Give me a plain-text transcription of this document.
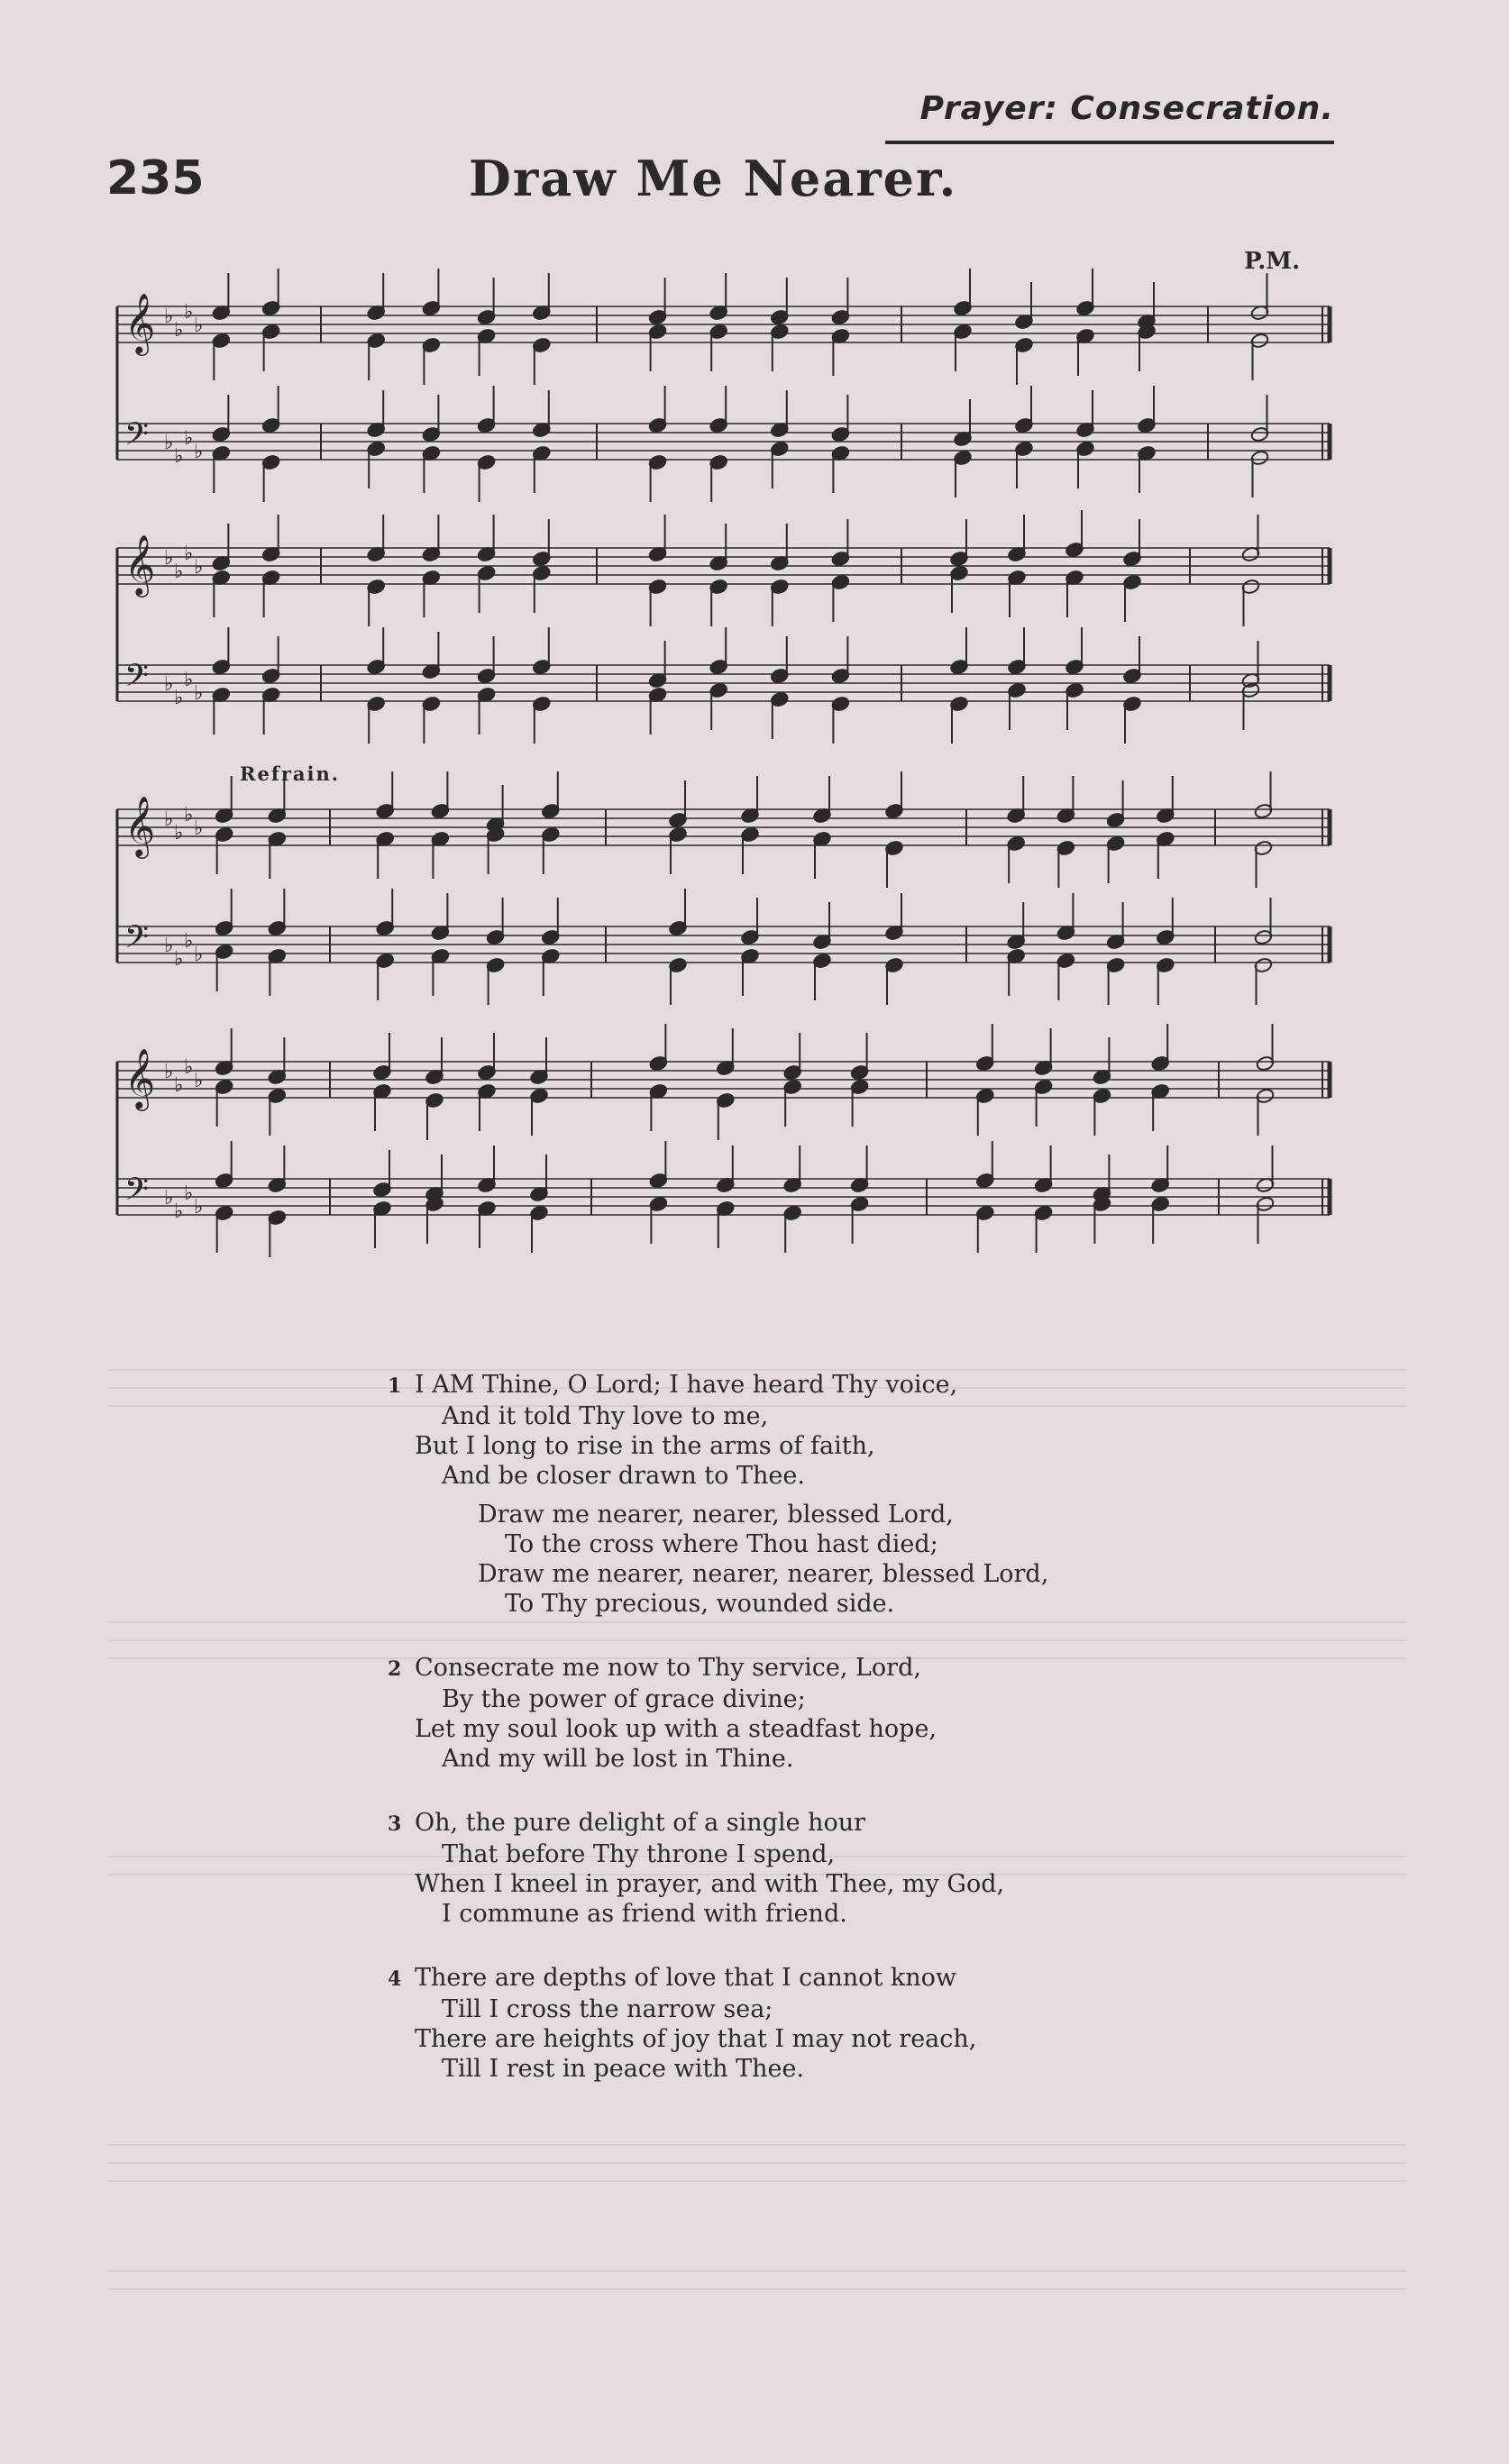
Prayer: Consecration.
235	Draw Me Nearer.
P.M.
𝄞 ♭
♭
♭
♭
𝄢 ♭
♭
♭
♭
𝄞 ♭
♭
♭
♭
𝄢 ♭
♭
♭
♭
𝄞 ♭
♭
♭
♭
𝄢 ♭
♭
♭
♭
𝄞 ♭
♭
♭
♭
𝄢 ♭
♭
♭
♭
Refrain.
1 I AM Thine, O Lord; I have heard Thy voice,
And it told Thy love to me,
But I long to rise in the arms of faith,
And be closer drawn to Thee.
Draw me nearer, nearer, blessed Lord,
To the cross where Thou hast died;
Draw me nearer, nearer, nearer, blessed Lord,
To Thy precious, wounded side.
2 Consecrate me now to Thy service, Lord,
By the power of grace divine;
Let my soul look up with a steadfast hope,
And my will be lost in Thine.
3 Oh, the pure delight of a single hour
That before Thy throne I spend,
When I kneel in prayer, and with Thee, my God,
I commune as friend with friend.
4 There are depths of love that I cannot know
Till I cross the narrow sea;
There are heights of joy that I may not reach,
Till I rest in peace with Thee.
